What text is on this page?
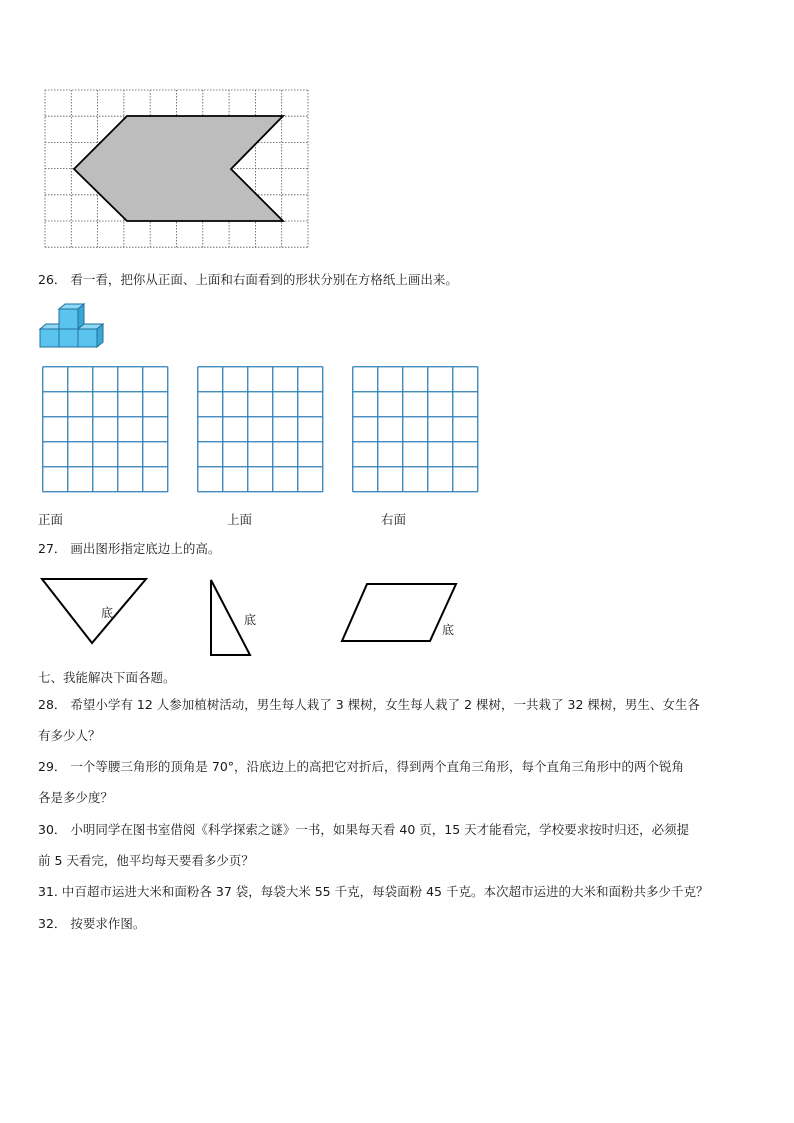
26． 看一看，把你从正面、上面和右面看到的形状分别在方格纸上画出来。
正面	上面	右面
27． 画出图形指定底边上的高。
底	底
底
七、我能解决下面各题。
28． 希望小学有 12 人参加植树活动，男生每人栽了 3 棵树，女生每人栽了 2 棵树，一共栽了 32 棵树，男生、女生各
有多少人？
29． 一个等腰三角形的顶角是 70°，沿底边上的高把它对折后，得到两个直角三角形，每个直角三角形中的两个锐角
各是多少度？
30． 小明同学在图书室借阅《科学探索之谜》一书，如果每天看 40 页，15 天才能看完，学校要求按时归还，必须提
前 5 天看完，他平均每天要看多少页？
31. 中百超市运进大米和面粉各 37 袋，每袋大米 55 千克，每袋面粉 45 千克。本次超市运进的大米和面粉共多少千克？
32． 按要求作图。
